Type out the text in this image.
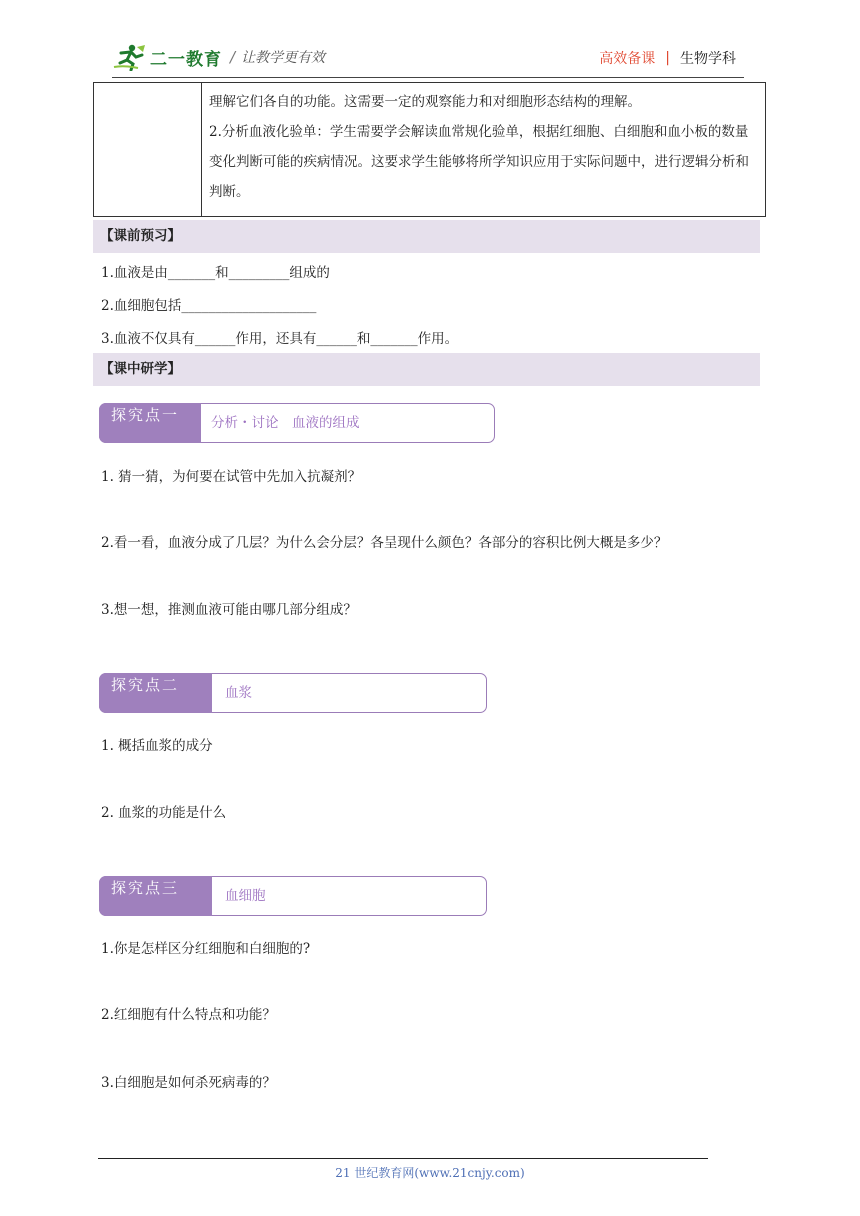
二一教育 / 让教学更有效	高效备课 | 生物学科

理解它们各自的功能。这需要一定的观察能力和对细胞形态结构的理解。

2.分析血液化验单：学生需要学会解读血常规化验单，根据红细胞、白细胞和血小板的数量变化判断可能的疾病情况。这要求学生能够将所学知识应用于实际问题中，进行逻辑分析和判断。

【课前预习】
1.血液是由_______和_________组成的
2.血细胞包括____________________
3.血液不仅具有______作用，还具有______和_______作用。
【课中研学】
探究点一	分析・讨论　血液的组成
1. 猜一猜，为何要在试管中先加入抗凝剂？
2.看一看，血液分成了几层？为什么会分层？各呈现什么颜色？各部分的容积比例大概是多少？
3.想一想，推测血液可能由哪几部分组成？
探究点二	血浆
1. 概括血浆的成分
2. 血浆的功能是什么
探究点三	血细胞
1.你是怎样区分红细胞和白细胞的?
2.红细胞有什么特点和功能？
3.白细胞是如何杀死病毒的？
21 世纪教育网(www.21cnjy.com)
